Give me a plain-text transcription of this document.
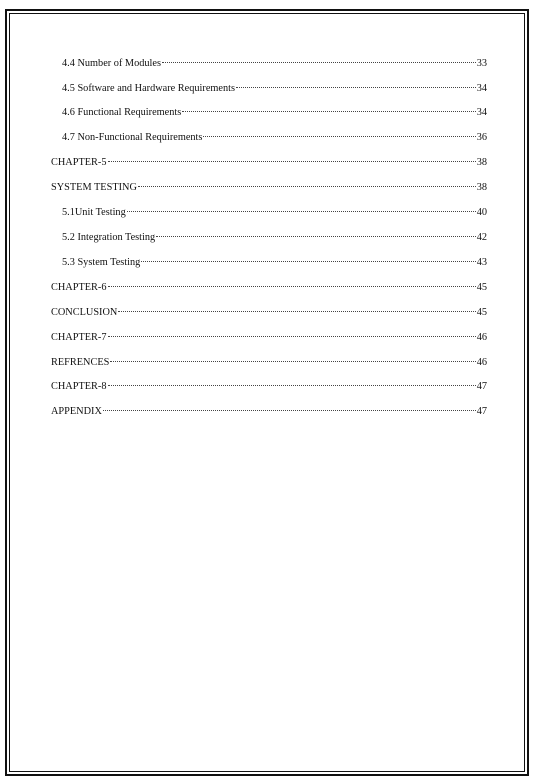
4.4 Number of Modules	33
4.5 Software and Hardware Requirements	34
4.6 Functional Requirements	34
4.7 Non-Functional Requirements	36
CHAPTER-5	38
SYSTEM TESTING	38
5.1Unit Testing	40
5.2 Integration Testing	42
5.3 System Testing	43
CHAPTER-6	45
CONCLUSION	45
CHAPTER-7	46
REFRENCES	46
CHAPTER-8	47
APPENDIX	47
